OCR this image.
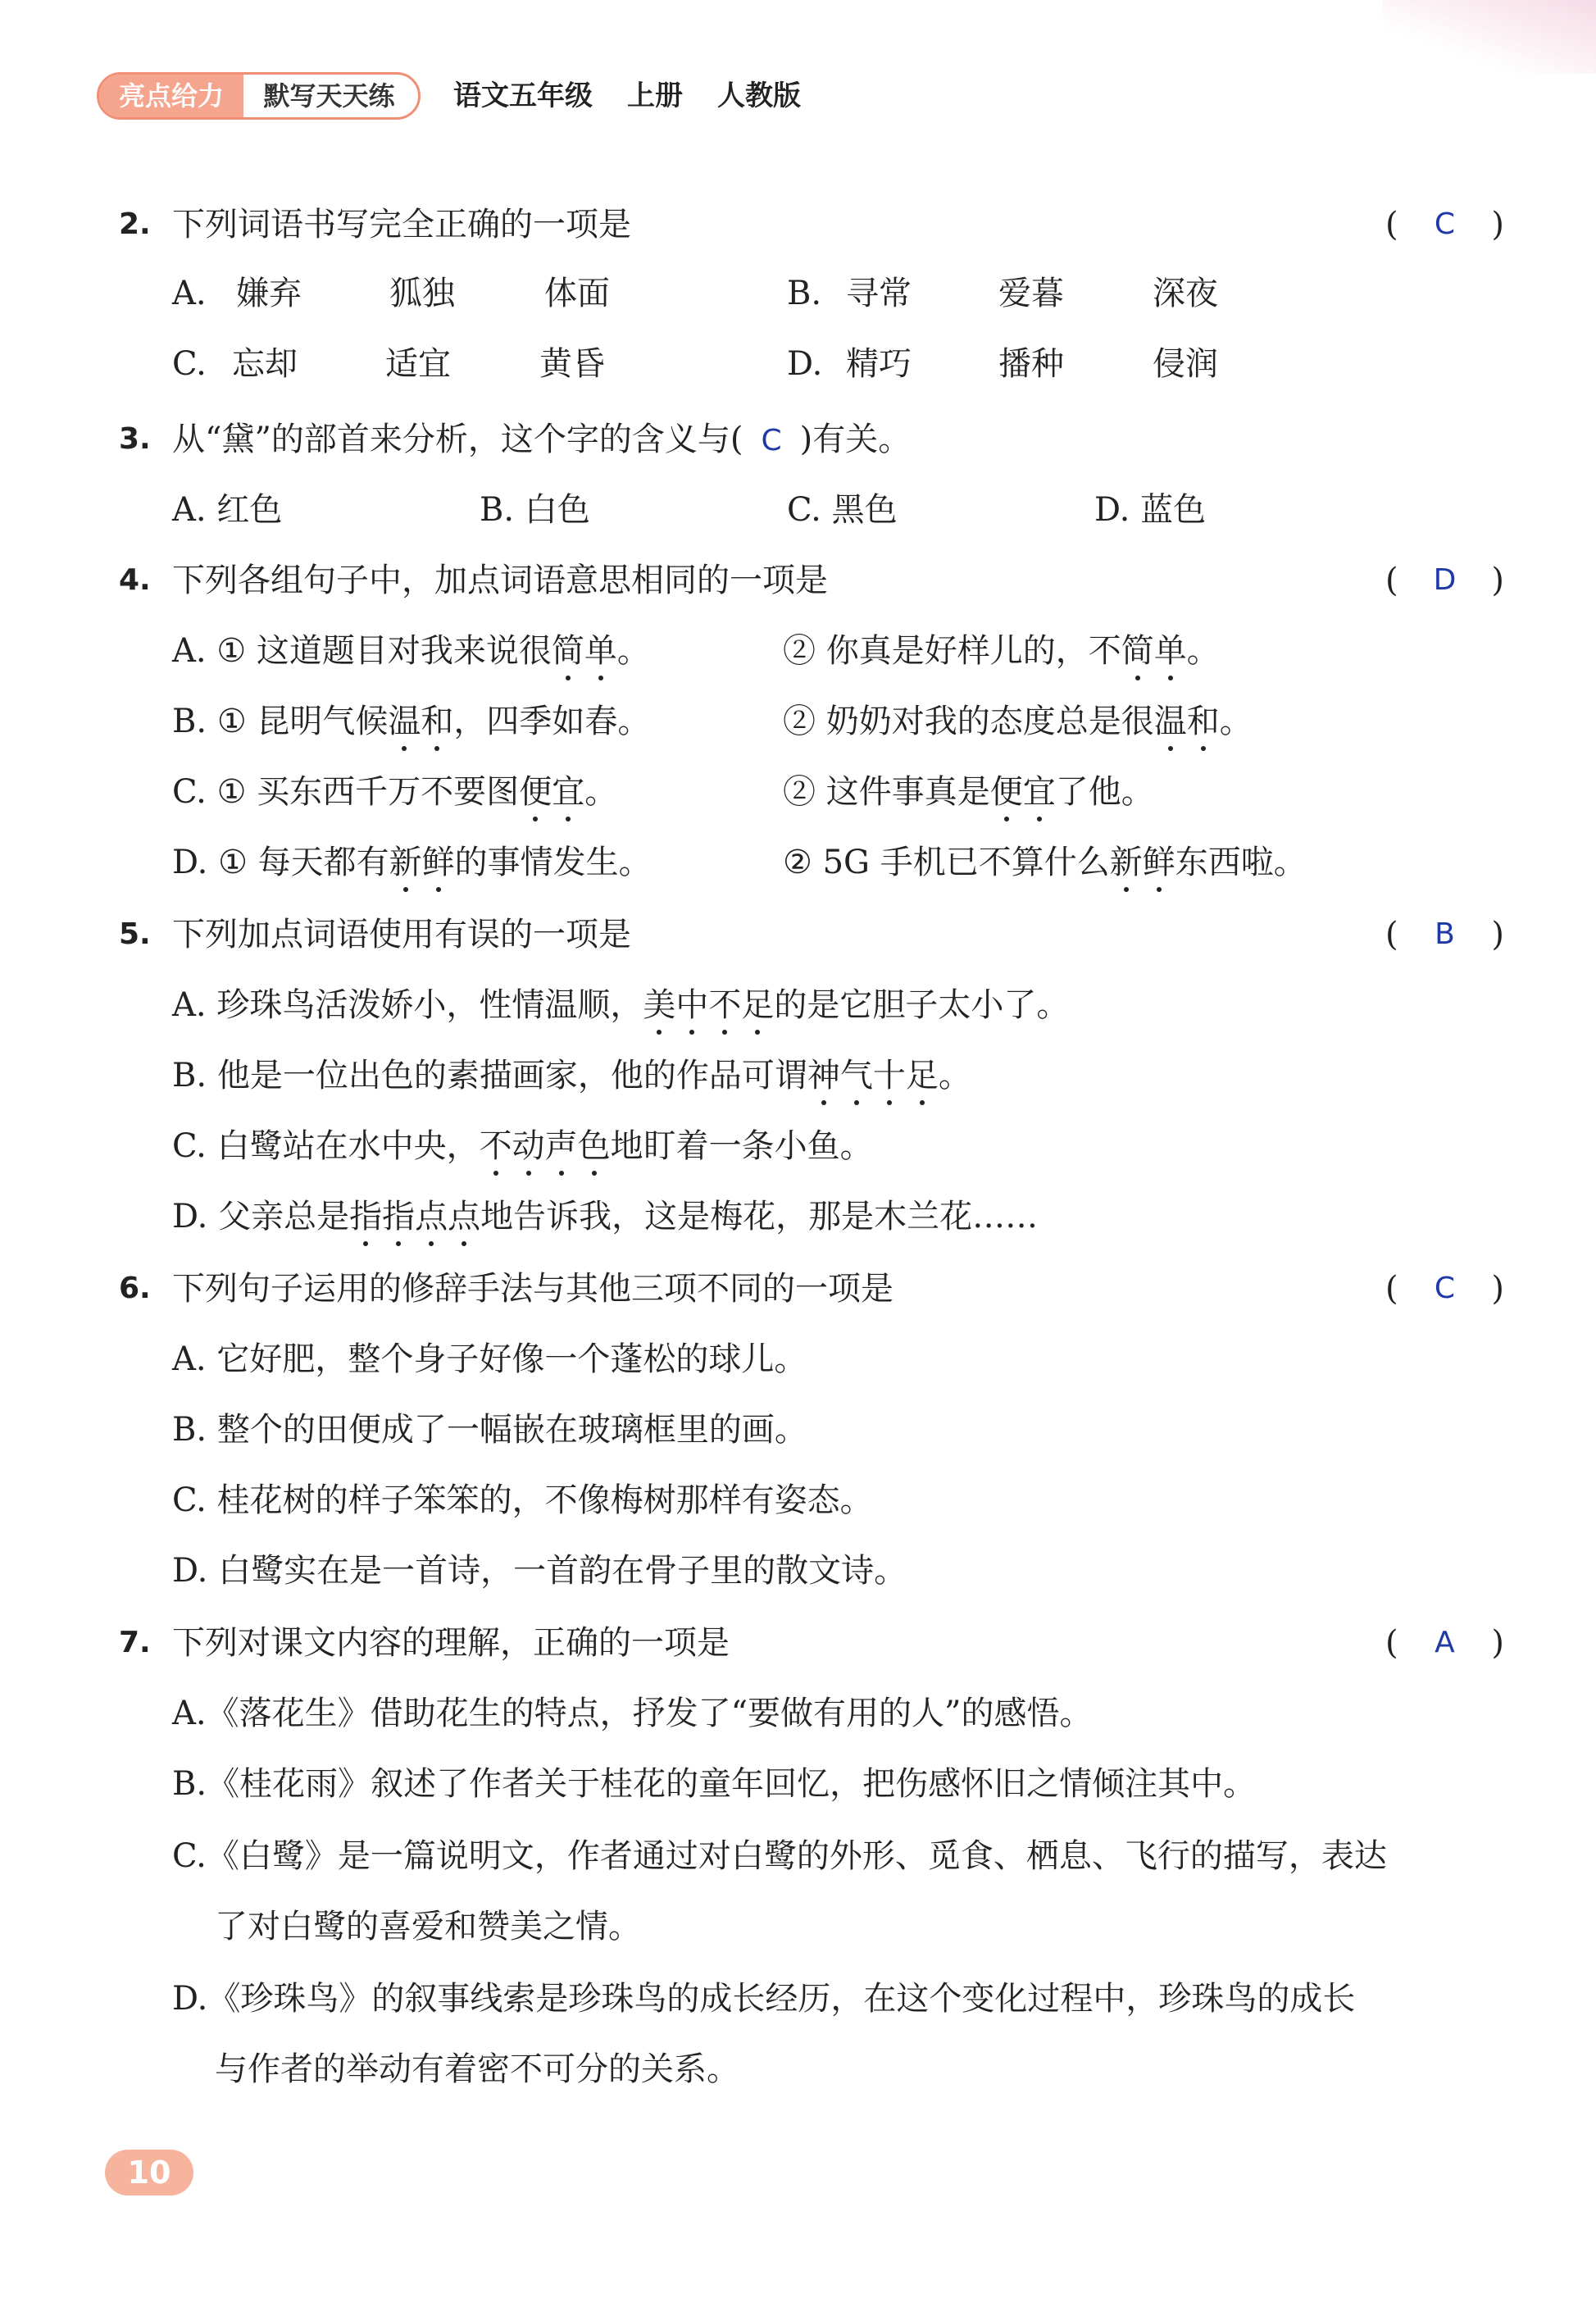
亮点给力	默写天天练	语文五年级 上册 人教版
2. 下列词语书写完全正确的一项是	(	C	)
A. 嫌弃	狐独	体面	B. 寻常	爱暮	深夜
C. 忘却	适宜	黄昏	D. 精巧	播种	侵润
3. 从“黛”的部首来分析，这个字的含义与( C )有关。
A. 红色	B. 白色	C. 黑色	D. 蓝色
4. 下列各组句子中，加点词语意思相同的一项是	(	D	)
A. ① 这道题目对我来说很简单。	② 你真是好样儿的，不简单。
B. ① 昆明气候温和，四季如春。	② 奶奶对我的态度总是很温和。
C. ① 买东西千万不要图便宜。	② 这件事真是便宜了他。
D. ① 每天都有新鲜的事情发生。	② 5G 手机已不算什么新鲜东西啦。
5. 下列加点词语使用有误的一项是	(	B	)
A. 珍珠鸟活泼娇小，性情温顺，美中不足的是它胆子太小了。
B. 他是一位出色的素描画家，他的作品可谓神气十足。
C. 白鹭站在水中央，不动声色地盯着一条小鱼。
D. 父亲总是指指点点地告诉我，这是梅花，那是木兰花……
6. 下列句子运用的修辞手法与其他三项不同的一项是	(	C	)
A. 它好肥，整个身子好像一个蓬松的球儿。
B. 整个的田便成了一幅嵌在玻璃框里的画。
C. 桂花树的样子笨笨的，不像梅树那样有姿态。
D. 白鹭实在是一首诗，一首韵在骨子里的散文诗。
7. 下列对课文内容的理解，正确的一项是	(	A	)
A.《落花生》借助花生的特点，抒发了“要做有用的人”的感悟。
B.《桂花雨》叙述了作者关于桂花的童年回忆，把伤感怀旧之情倾注其中。
C.《白鹭》是一篇说明文，作者通过对白鹭的外形、觅食、栖息、飞行的描写，表达
了对白鹭的喜爱和赞美之情。
D.《珍珠鸟》的叙事线索是珍珠鸟的成长经历，在这个变化过程中，珍珠鸟的成长
与作者的举动有着密不可分的关系。
10
